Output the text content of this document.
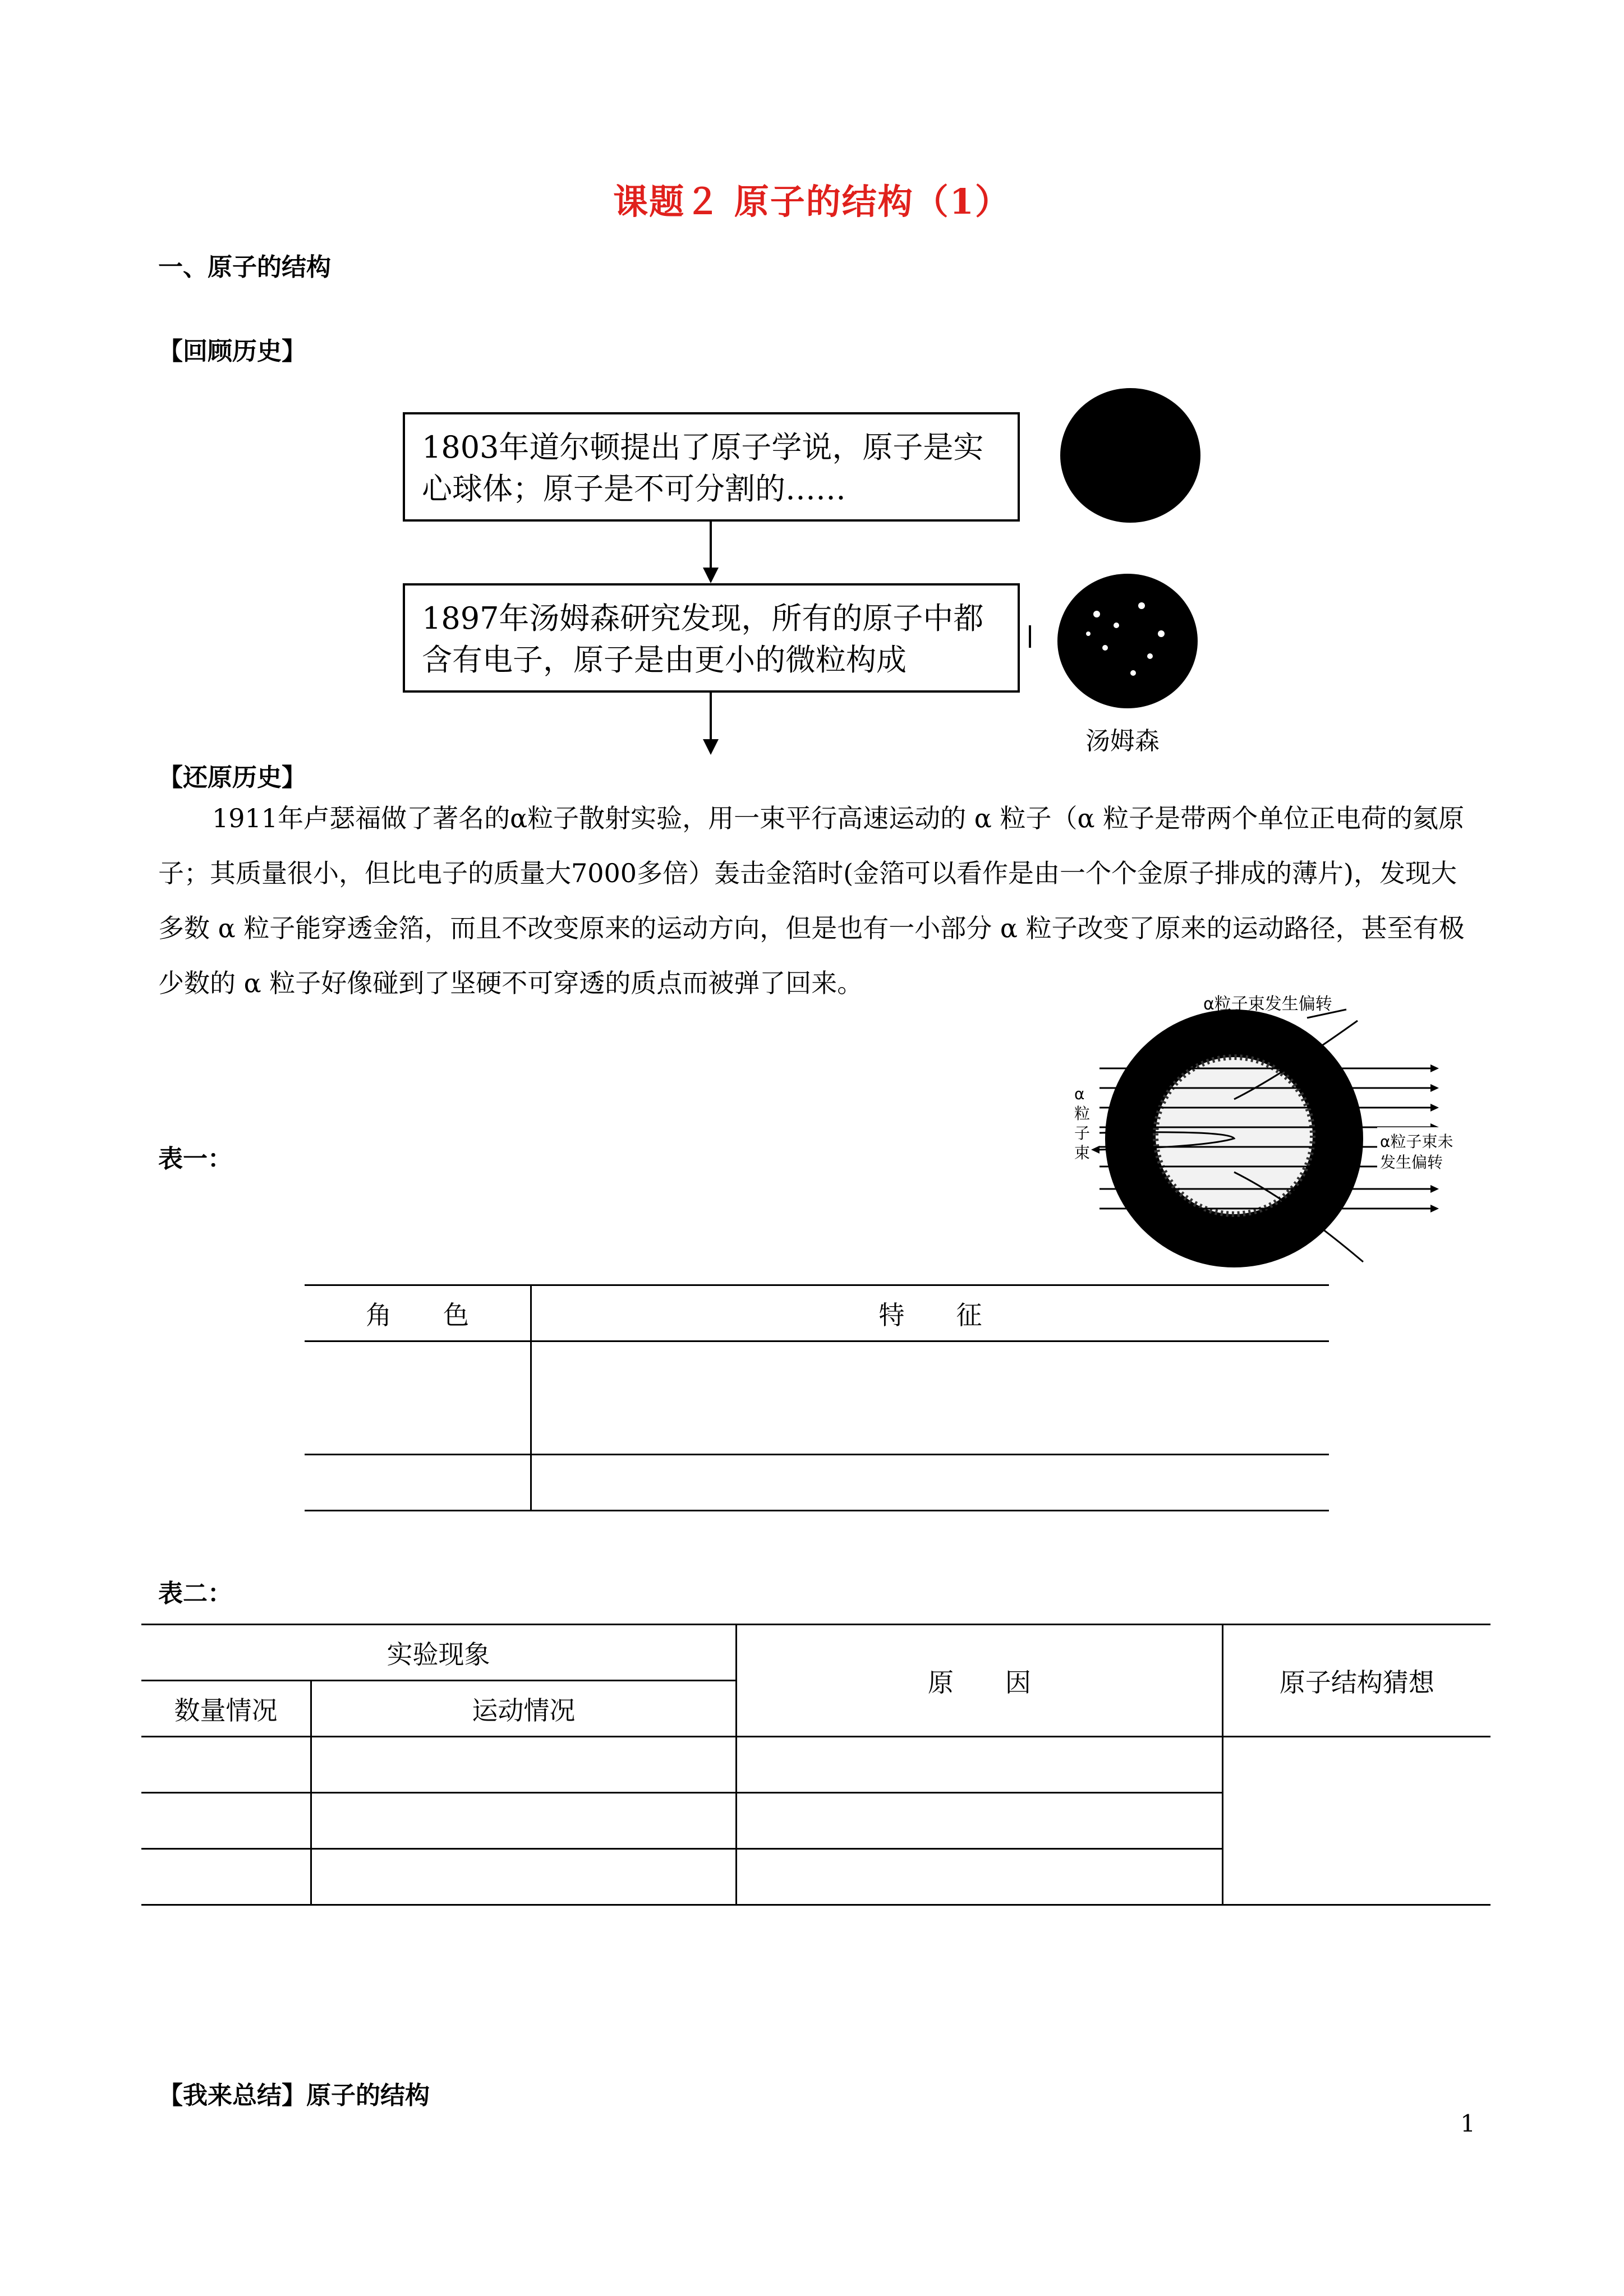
课题２ 原子的结构（1）
一、原子的结构
【回顾历史】
1803年道尔顿提出了原子学说，原子是实心球体；原子是不可分割的……
1897年汤姆森研究发现，所有的原子中都含有电子，原子是由更小的微粒构成
汤姆森
【还原历史】
1911年卢瑟福做了著名的α粒子散射实验，用一束平行高速运动的 α 粒子（α 粒子是带两个单位正电荷的氦原子；其质量很小，但比电子的质量大7000多倍）轰击金箔时(金箔可以看作是由一个个金原子排成的薄片)，发现大多数 α 粒子能穿透金箔，而且不改变原来的运动方向，但是也有一小部分 α 粒子改变了原来的运动路径，甚至有极少数的 α 粒子好像碰到了坚硬不可穿透的质点而被弹了回来。
α粒子束发生偏转
α
粒
子
束
α粒子束未
发生偏转
表一：
角　　色	特　　征

表二：
实验现象		原　　因	原子结构猜想
数量情况	运动情况		

【我来总结】原子的结构
1
